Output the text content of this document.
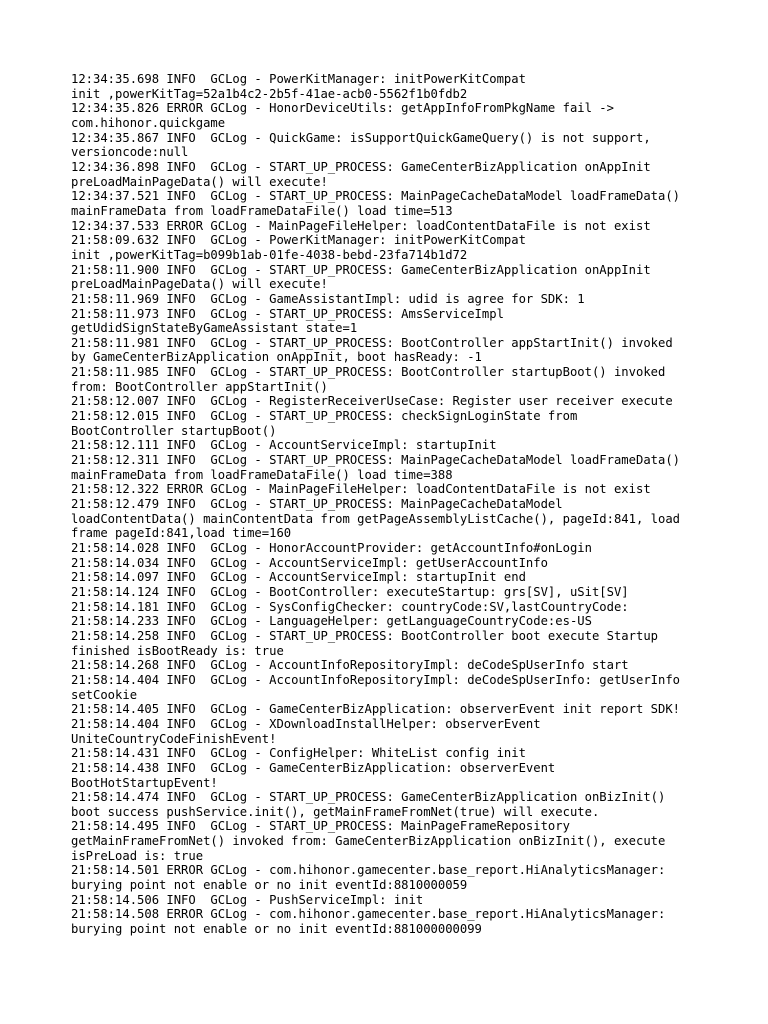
12:34:35.698 INFO  GCLog - PowerKitManager: initPowerKitCompat
init ,powerKitTag=52a1b4c2-2b5f-41ae-acb0-5562f1b0fdb2
12:34:35.826 ERROR GCLog - HonorDeviceUtils: getAppInfoFromPkgName fail ->
com.hihonor.quickgame
12:34:35.867 INFO  GCLog - QuickGame: isSupportQuickGameQuery() is not support,
versioncode:null
12:34:36.898 INFO  GCLog - START_UP_PROCESS: GameCenterBizApplication onAppInit
preLoadMainPageData() will execute!
12:34:37.521 INFO  GCLog - START_UP_PROCESS: MainPageCacheDataModel loadFrameData()
mainFrameData from loadFrameDataFile() load time=513
12:34:37.533 ERROR GCLog - MainPageFileHelper: loadContentDataFile is not exist
21:58:09.632 INFO  GCLog - PowerKitManager: initPowerKitCompat
init ,powerKitTag=b099b1ab-01fe-4038-bebd-23fa714b1d72
21:58:11.900 INFO  GCLog - START_UP_PROCESS: GameCenterBizApplication onAppInit
preLoadMainPageData() will execute!
21:58:11.969 INFO  GCLog - GameAssistantImpl: udid is agree for SDK: 1
21:58:11.973 INFO  GCLog - START_UP_PROCESS: AmsServiceImpl
getUdidSignStateByGameAssistant state=1
21:58:11.981 INFO  GCLog - START_UP_PROCESS: BootController appStartInit() invoked
by GameCenterBizApplication onAppInit, boot hasReady: -1
21:58:11.985 INFO  GCLog - START_UP_PROCESS: BootController startupBoot() invoked
from: BootController appStartInit()
21:58:12.007 INFO  GCLog - RegisterReceiverUseCase: Register user receiver execute
21:58:12.015 INFO  GCLog - START_UP_PROCESS: checkSignLoginState from
BootController startupBoot()
21:58:12.111 INFO  GCLog - AccountServiceImpl: startupInit
21:58:12.311 INFO  GCLog - START_UP_PROCESS: MainPageCacheDataModel loadFrameData()
mainFrameData from loadFrameDataFile() load time=388
21:58:12.322 ERROR GCLog - MainPageFileHelper: loadContentDataFile is not exist
21:58:12.479 INFO  GCLog - START_UP_PROCESS: MainPageCacheDataModel
loadContentData() mainContentData from getPageAssemblyListCache(), pageId:841, load
frame pageId:841,load time=160
21:58:14.028 INFO  GCLog - HonorAccountProvider: getAccountInfo#onLogin
21:58:14.034 INFO  GCLog - AccountServiceImpl: getUserAccountInfo
21:58:14.097 INFO  GCLog - AccountServiceImpl: startupInit end
21:58:14.124 INFO  GCLog - BootController: executeStartup: grs[SV], uSit[SV]
21:58:14.181 INFO  GCLog - SysConfigChecker: countryCode:SV,lastCountryCode:
21:58:14.233 INFO  GCLog - LanguageHelper: getLanguageCountryCode:es-US
21:58:14.258 INFO  GCLog - START_UP_PROCESS: BootController boot execute Startup
finished isBootReady is: true
21:58:14.268 INFO  GCLog - AccountInfoRepositoryImpl: deCodeSpUserInfo start
21:58:14.404 INFO  GCLog - AccountInfoRepositoryImpl: deCodeSpUserInfo: getUserInfo
setCookie
21:58:14.405 INFO  GCLog - GameCenterBizApplication: observerEvent init report SDK!
21:58:14.404 INFO  GCLog - XDownloadInstallHelper: observerEvent
UniteCountryCodeFinishEvent!
21:58:14.431 INFO  GCLog - ConfigHelper: WhiteList config init
21:58:14.438 INFO  GCLog - GameCenterBizApplication: observerEvent
BootHotStartupEvent!
21:58:14.474 INFO  GCLog - START_UP_PROCESS: GameCenterBizApplication onBizInit()
boot success pushService.init(), getMainFrameFromNet(true) will execute.
21:58:14.495 INFO  GCLog - START_UP_PROCESS: MainPageFrameRepository
getMainFrameFromNet() invoked from: GameCenterBizApplication onBizInit(), execute
isPreLoad is: true
21:58:14.501 ERROR GCLog - com.hihonor.gamecenter.base_report.HiAnalyticsManager:
burying point not enable or no init eventId:8810000059
21:58:14.506 INFO  GCLog - PushServiceImpl: init
21:58:14.508 ERROR GCLog - com.hihonor.gamecenter.base_report.HiAnalyticsManager:
burying point not enable or no init eventId:881000000099
